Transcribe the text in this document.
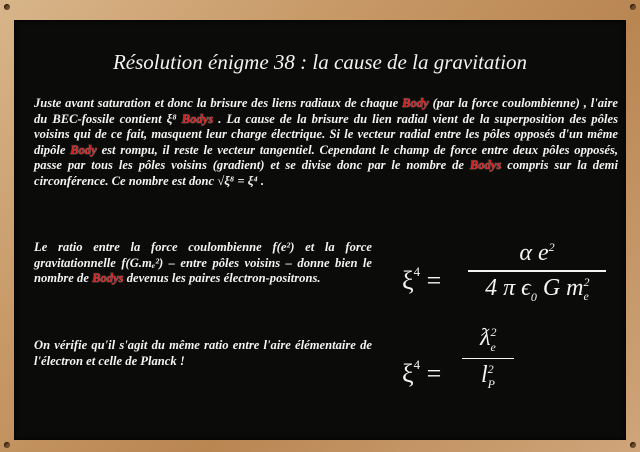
Résolution énigme 38 : la cause de la gravitation

Juste avant saturation et donc la brisure des liens radiaux de chaque Body (par la force coulombienne) , l'aire du BEC-fossile contient ξ⁸ Bodys . La cause de la brisure du lien radial vient de la superposition des pôles voisins qui de ce fait, masquent leur charge électrique. Si le vecteur radial entre les pôles opposés d'un même dipôle Body est rompu, il reste le vecteur tangentiel. Cependant le champ de force entre deux pôles opposés, passe par tous les pôles voisins (gradient) et se divise donc par le nombre de Bodys compris sur la demi circonférence. Ce nombre est donc √ξ⁸ = ξ⁴ .

Le ratio entre la force coulombienne f(e²) et la force gravitationnelle f(G.mₑ²) – entre pôles voisins – donne bien le nombre de Bodys devenus les paires électron-positrons.

On vérifie qu'il s'agit du même ratio entre l'aire élémentaire de l'électron et celle de Planck !

$\xi^4$ =
α $e^2$
4 π $\epsilon_0$ G $m^2_e$
$\xi^4$ =
$ƛ^2_e$
$l^2_P$
